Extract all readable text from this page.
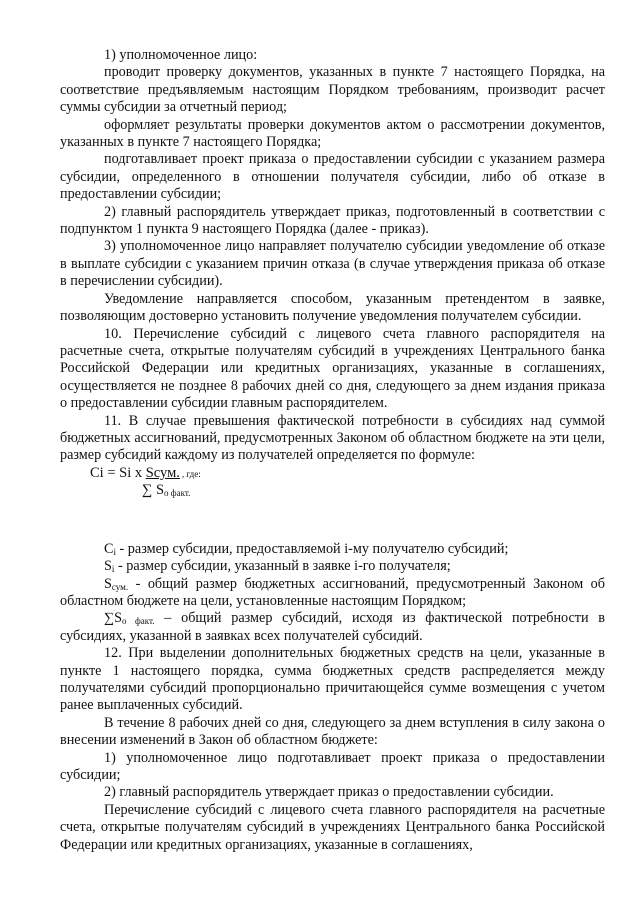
1) уполномоченное лицо:

проводит проверку документов, указанных в пункте 7 настоящего Порядка, на соответствие предъявляемым настоящим Порядком требованиям, производит расчет суммы субсидии за отчетный период;

оформляет результаты проверки документов актом о рассмотрении документов, указанных в пункте 7 настоящего Порядка;

подготавливает проект приказа о предоставлении субсидии с указанием размера субсидии, определенного в отношении получателя субсидии, либо об отказе в предоставлении субсидии;

2) главный распорядитель утверждает приказ, подготовленный в соответствии с подпунктом 1 пункта 9 настоящего Порядка (далее - приказ).

3) уполномоченное лицо направляет получателю субсидии уведомление об отказе в выплате субсидии с указанием причин отказа (в случае утверждения приказа об отказе в перечислении субсидии).

Уведомление направляется способом, указанным претендентом в заявке, позволяющим достоверно установить получение уведомления получателем субсидии.

10. Перечисление субсидий с лицевого счета главного распорядителя на расчетные счета, открытые получателям субсидий в учреждениях Центрального банка Российской Федерации или кредитных организациях, указанные в соглашениях, осуществляется не позднее 8 рабочих дней со дня, следующего за днем издания приказа о предоставлении субсидии главным распорядителем.

11. В случае превышения фактической потребности в субсидиях над суммой бюджетных ассигнований, предусмотренных Законом об областном бюджете на эти цели, размер субсидий каждому из получателей определяется по формуле:

Сi = Si x Sсум. , где:
∑ $S_{о факт.}$

$С_i$ - размер субсидии, предоставляемой i-му получателю субсидий;

$S_i$ - размер субсидии, указанный в заявке i-го получателя;

$S_{сум.}$ - общий размер бюджетных ассигнований, предусмотренный Законом об областном бюджете на цели, установленные настоящим Порядком;

$\sum S_{о факт.}$ – общий размер субсидий, исходя из фактической потребности в субсидиях, указанной в заявках всех получателей субсидий.

12. При выделении дополнительных бюджетных средств на цели, указанные в пункте 1 настоящего порядка, сумма бюджетных средств распределяется между получателями субсидий пропорционально причитающейся сумме возмещения с учетом ранее выплаченных субсидий.

В течение 8 рабочих дней со дня, следующего за днем вступления в силу закона о внесении изменений в Закон об областном бюджете:

1) уполномоченное лицо подготавливает проект приказа о предоставлении субсидии;

2) главный распорядитель утверждает приказ о предоставлении субсидии.

Перечисление субсидий с лицевого счета главного распорядителя на расчетные счета, открытые получателям субсидий в учреждениях Центрального банка Российской Федерации или кредитных организациях, указанные в соглашениях,
